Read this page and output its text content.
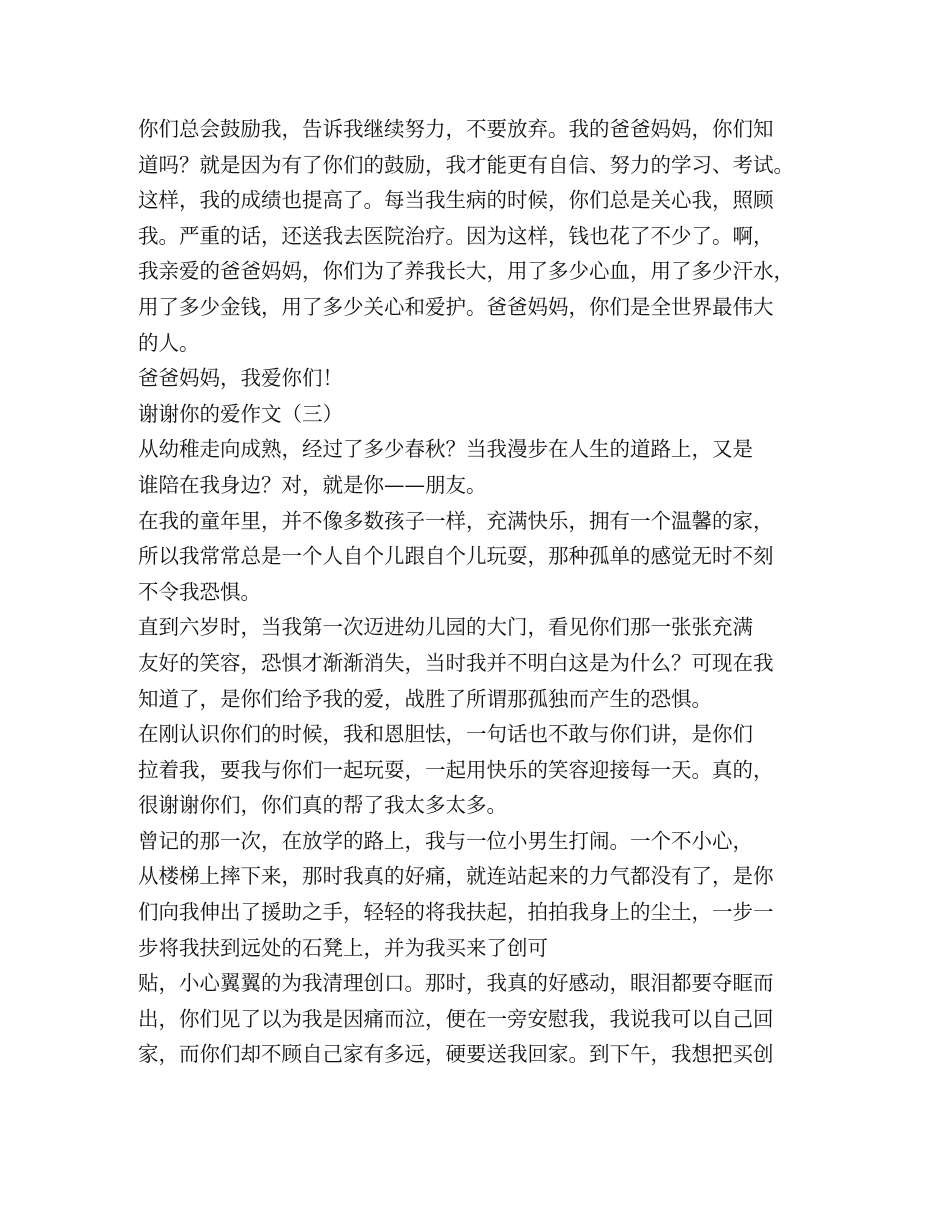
你们总会鼓励我，告诉我继续努力，不要放弃。我的爸爸妈妈，你们知
道吗？就是因为有了你们的鼓励，我才能更有自信、努力的学习、考试。
这样，我的成绩也提高了。每当我生病的时候，你们总是关心我，照顾
我。严重的话，还送我去医院治疗。因为这样，钱也花了不少了。啊，
我亲爱的爸爸妈妈，你们为了养我长大，用了多少心血，用了多少汗水，
用了多少金钱，用了多少关心和爱护。爸爸妈妈，你们是全世界最伟大
的人。
爸爸妈妈，我爱你们！
谢谢你的爱作文（三）
从幼稚走向成熟，经过了多少春秋？当我漫步在人生的道路上，又是
谁陪在我身边？对，就是你——朋友。
在我的童年里，并不像多数孩子一样，充满快乐，拥有一个温馨的家，
所以我常常总是一个人自个儿跟自个儿玩耍，那种孤单的感觉无时不刻
不令我恐惧。
直到六岁时，当我第一次迈进幼儿园的大门，看见你们那一张张充满
友好的笑容，恐惧才渐渐消失，当时我并不明白这是为什么？可现在我
知道了，是你们给予我的爱，战胜了所谓那孤独而产生的恐惧。
在刚认识你们的时候，我和恩胆怯，一句话也不敢与你们讲，是你们
拉着我，要我与你们一起玩耍，一起用快乐的笑容迎接每一天。真的，
很谢谢你们，你们真的帮了我太多太多。
曾记的那一次，在放学的路上，我与一位小男生打闹。一个不小心，
从楼梯上摔下来，那时我真的好痛，就连站起来的力气都没有了，是你
们向我伸出了援助之手，轻轻的将我扶起，拍拍我身上的尘土，一步一
步将我扶到远处的石凳上，并为我买来了创可
贴，小心翼翼的为我清理创口。那时，我真的好感动，眼泪都要夺眶而
出，你们见了以为我是因痛而泣，便在一旁安慰我，我说我可以自己回
家，而你们却不顾自己家有多远，硬要送我回家。到下午，我想把买创
